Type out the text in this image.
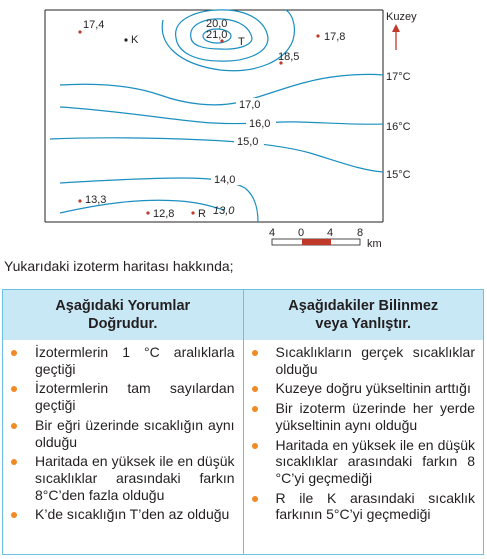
17,4
K
20,0
21,0
T	17,8
18,5
13,3
12,8 R
17,0
16,0
15,0
14,0
13,0
17°C
16°C
15°C
Kuzey
4 0 4 8
km
Yukarıdaki izoterm haritası hakkında;
Aşağıdaki Yorumlar
Doğrudur.
İzotermlerin 1 °C aralıklarla geçtiği
İzotermlerin tam sayılardan geçtiği
Bir eğri üzerinde sıcaklığın aynı olduğu
Haritada en yüksek ile en düşük sıcaklıklar arasındaki farkın 8°C’den fazla olduğu
K’de sıcaklığın T’den az olduğu
Aşağıdakiler Bilinmez
veya Yanlıştır.
Sıcaklıkların gerçek sıcaklıklar olduğu
Kuzeye doğru yükseltinin arttığı
Bir izoterm üzerinde her yerde yükseltinin aynı olduğu
Haritada en yüksek ile en düşük sıcaklıklar arasındaki farkın 8 °C’yi geçmediği
R ile K arasındaki sıcaklık farkının 5°C’yi geçmediği
